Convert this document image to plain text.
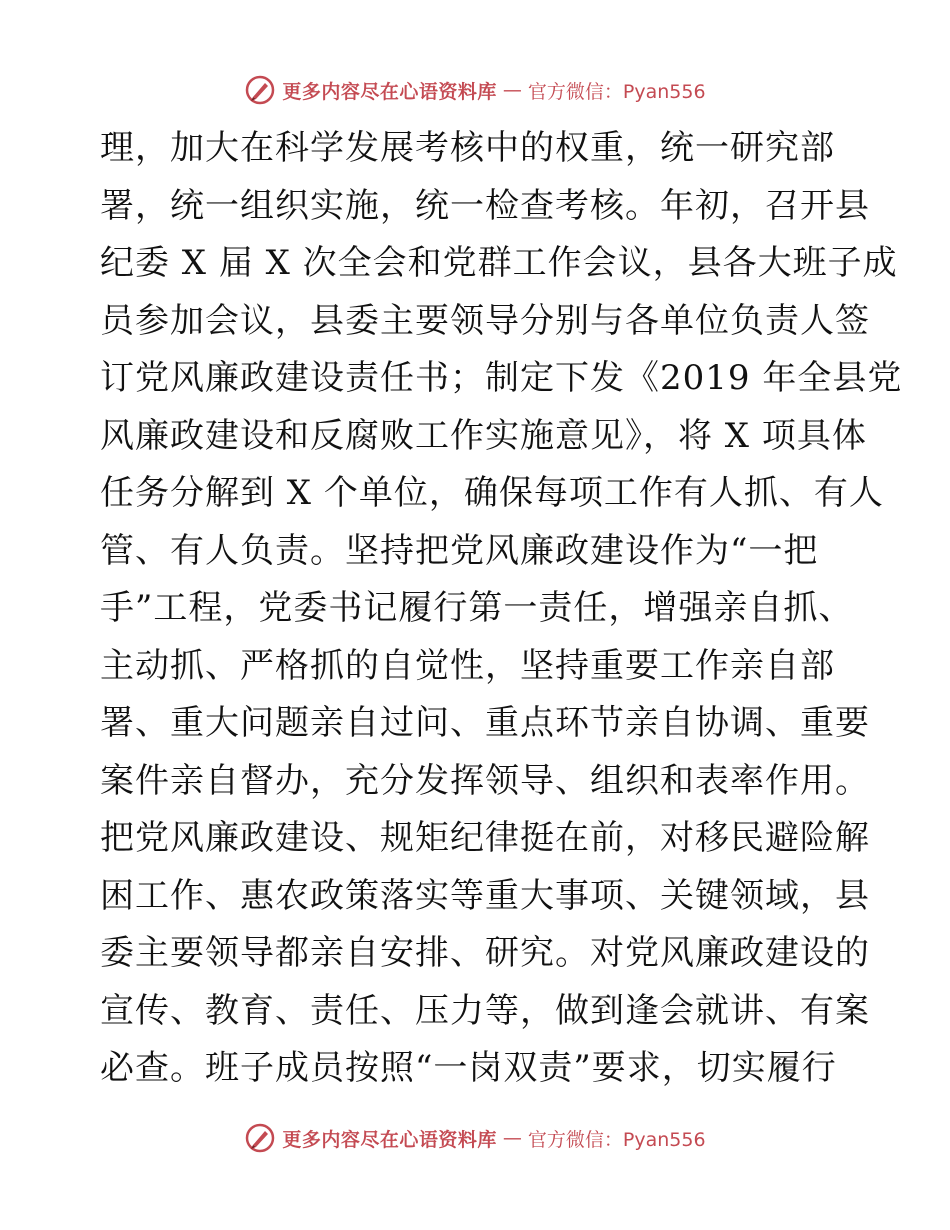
更多内容尽在心语资料库 — 官方微信：Pyan556
理，加大在科学发展考核中的权重，统一研究部
署，统一组织实施，统一检查考核。年初，召开县
纪委 X 届 X 次全会和党群工作会议，县各大班子成
员参加会议，县委主要领导分别与各单位负责人签
订党风廉政建设责任书；制定下发《2019 年全县党
风廉政建设和反腐败工作实施意见》，将 X 项具体
任务分解到 X 个单位，确保每项工作有人抓、有人
管、有人负责。坚持把党风廉政建设作为“一把
手”工程，党委书记履行第一责任，增强亲自抓、
主动抓、严格抓的自觉性，坚持重要工作亲自部
署、重大问题亲自过问、重点环节亲自协调、重要
案件亲自督办，充分发挥领导、组织和表率作用。
把党风廉政建设、规矩纪律挺在前，对移民避险解
困工作、惠农政策落实等重大事项、关键领域，县
委主要领导都亲自安排、研究。对党风廉政建设的
宣传、教育、责任、压力等，做到逢会就讲、有案
必查。班子成员按照“一岗双责”要求，切实履行
更多内容尽在心语资料库 — 官方微信：Pyan556
